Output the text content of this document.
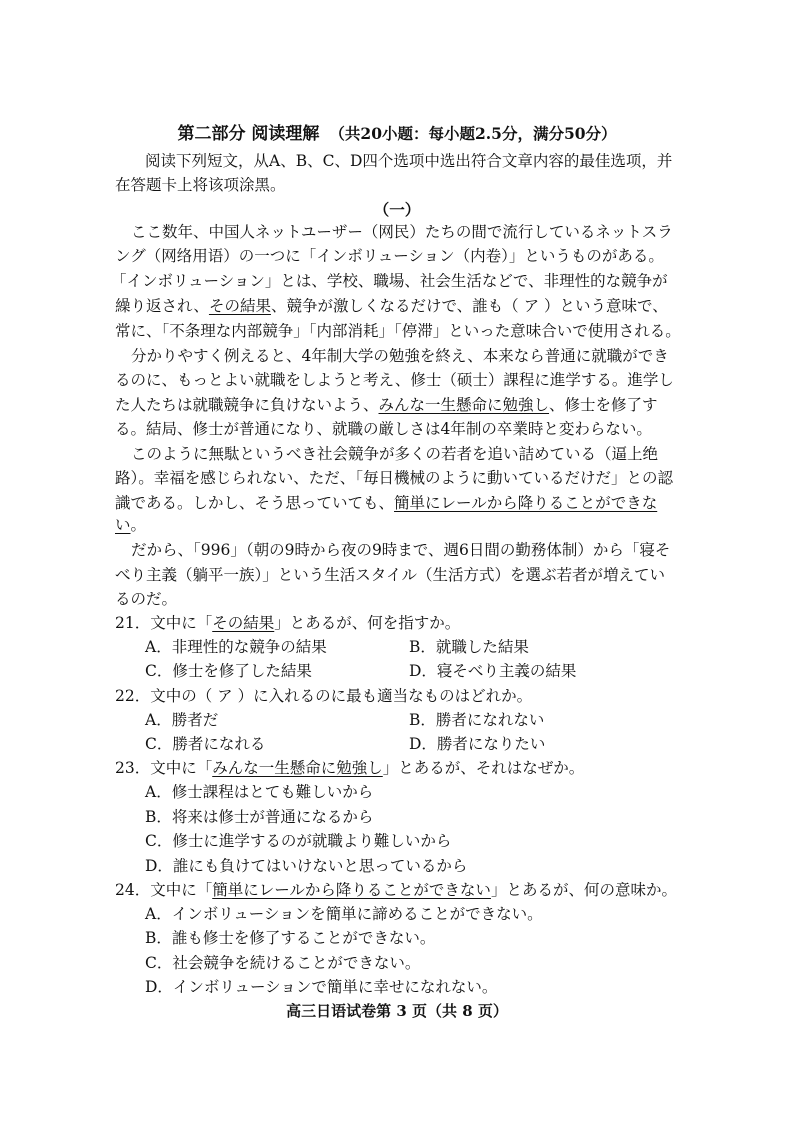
第二部分 阅读理解 （共20小题：每小题2.5分，满分50分）
阅读下列短文，从A、B、C、D四个选项中选出符合文章内容的最佳选项，并
在答题卡上将该项涂黑。
（一）
ここ数年、中国人ネットユーザー（网民）たちの間で流行しているネットスラ
ング（网络用语）の一つに「インボリューション（内卷）」というものがある。
「インボリューション」とは、学校、職場、社会生活などで、非理性的な競争が
繰り返され、その結果、競争が激しくなるだけで、誰も（ ア ）という意味で、
常に、「不条理な内部競争」「内部消耗」「停滞」といった意味合いで使用される。
分かりやすく例えると、4年制大学の勉強を終え、本来なら普通に就職ができ
るのに、もっとよい就職をしようと考え、修士（硕士）課程に進学する。進学し
た人たちは就職競争に負けないよう、みんな一生懸命に勉強し、修士を修了す
る。結局、修士が普通になり、就職の厳しさは4年制の卒業時と変わらない。
このように無駄というべき社会競争が多くの若者を追い詰めている（逼上绝
路）。幸福を感じられない、ただ、「毎日機械のように動いているだけだ」との認
識である。しかし、そう思っていても、簡単にレールから降りることができな
い。
だから、「996」（朝の9時から夜の9時まで、週6日間の勤務体制）から「寝そ
べり主義（躺平一族）」という生活スタイル（生活方式）を選ぶ若者が増えてい
るのだ。
21．文中に「その結果」とあるが、何を指すか。
A．非理性的な競争の結果	B．就職した結果
C．修士を修了した結果	D．寝そべり主義の結果
22．文中の（ ア ）に入れるのに最も適当なものはどれか。
A．勝者だ	B．勝者になれない
C．勝者になれる	D．勝者になりたい
23．文中に「みんな一生懸命に勉強し」とあるが、それはなぜか。
A．修士課程はとても難しいから
B．将来は修士が普通になるから
C．修士に進学するのが就職より難しいから
D．誰にも負けてはいけないと思っているから
24．文中に「簡単にレールから降りることができない」とあるが、何の意味か。
A．インボリューションを簡単に諦めることができない。
B．誰も修士を修了することができない。
C．社会競争を続けることができない。
D．インボリューションで簡単に幸せになれない。
高三日语试卷第 3 页（共 8 页）
